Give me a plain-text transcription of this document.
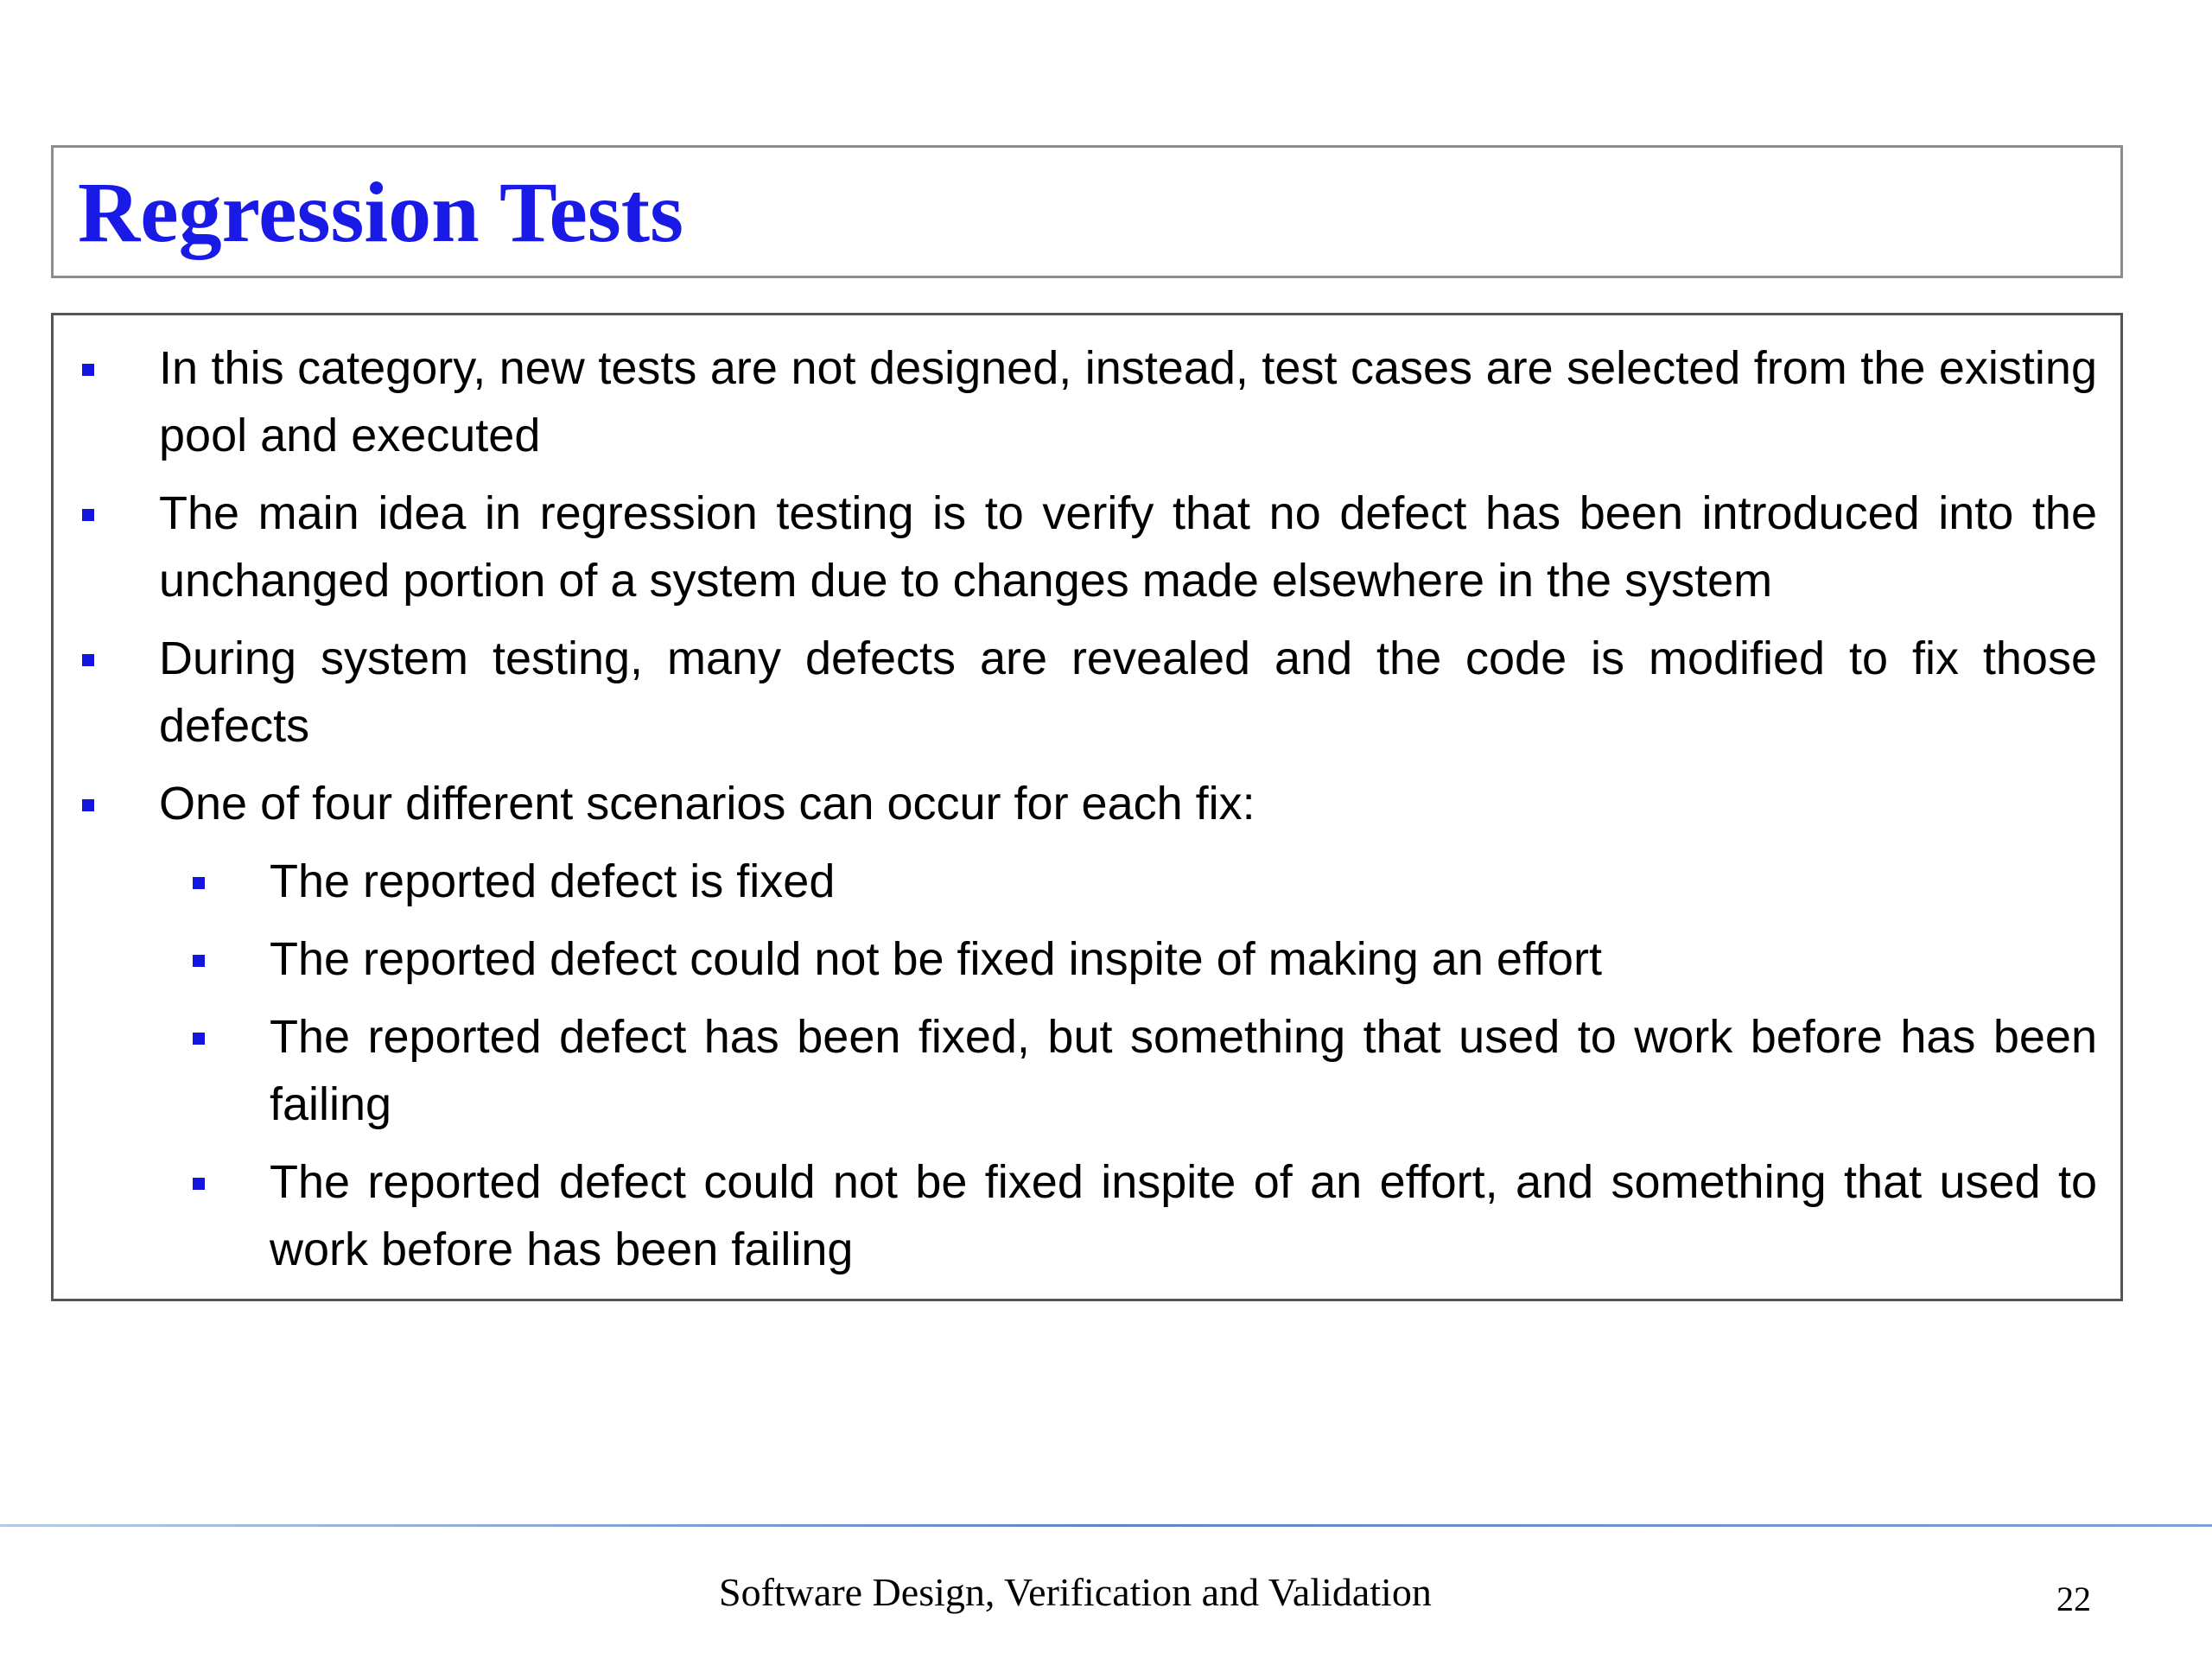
Regression Tests
In this category, new tests are not designed, instead, test cases are selected from the existing pool and executed
The main idea in regression testing is to verify that no defect has been introduced into the unchanged portion of a system due to changes made elsewhere in the system
During system testing, many defects are revealed and the code is modified to fix those defects
One of four different scenarios can occur for each fix:
The reported defect is fixed
The reported defect could not be fixed inspite of making an effort
The reported defect has been fixed, but something that used to work before has been failing
The reported defect could not be fixed inspite of an effort, and something that used to work before has been failing
Software Design, Verification and Validation	22
